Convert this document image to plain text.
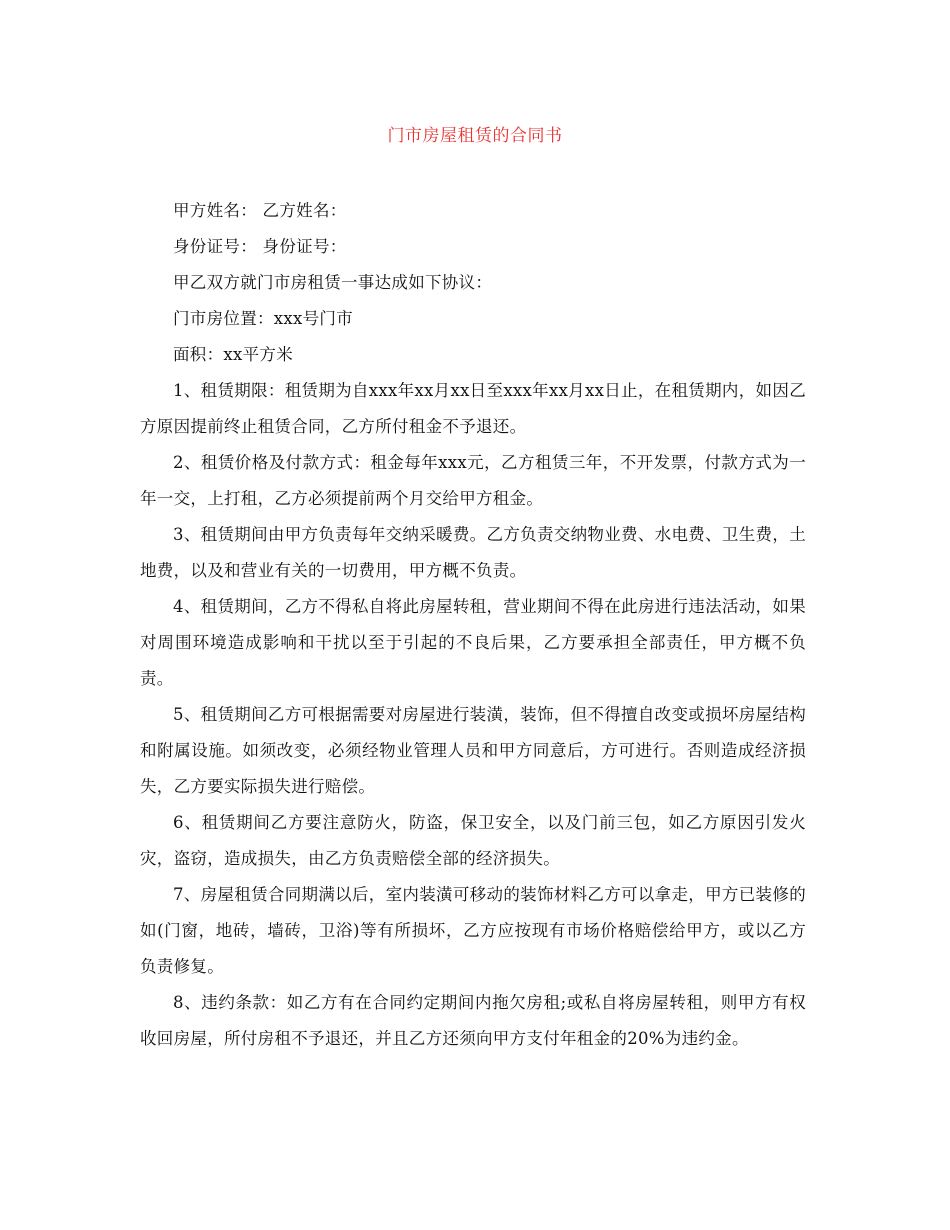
门市房屋租赁的合同书

甲方姓名： 乙方姓名：

身份证号： 身份证号：

甲乙双方就门市房租赁一事达成如下协议：

门市房位置：xxx号门市

面积：xx平方米

1、租赁期限：租赁期为自xxx年xx月xx日至xxx年xx月xx日止，在租赁期内，如因乙方原因提前终止租赁合同，乙方所付租金不予退还。

2、租赁价格及付款方式：租金每年xxx元，乙方租赁三年，不开发票，付款方式为一年一交，上打租，乙方必须提前两个月交给甲方租金。

3、租赁期间由甲方负责每年交纳采暖费。乙方负责交纳物业费、水电费、卫生费，土地费，以及和营业有关的一切费用，甲方概不负责。

4、租赁期间，乙方不得私自将此房屋转租，营业期间不得在此房进行违法活动，如果对周围环境造成影响和干扰以至于引起的不良后果，乙方要承担全部责任，甲方概不负责。

5、租赁期间乙方可根据需要对房屋进行装潢，装饰，但不得擅自改变或损坏房屋结构和附属设施。如须改变，必须经物业管理人员和甲方同意后，方可进行。否则造成经济损失，乙方要实际损失进行赔偿。

6、租赁期间乙方要注意防火，防盗，保卫安全，以及门前三包，如乙方原因引发火灾，盗窃，造成损失，由乙方负责赔偿全部的经济损失。

7、房屋租赁合同期满以后，室内装潢可移动的装饰材料乙方可以拿走，甲方已装修的如(门窗，地砖，墙砖，卫浴)等有所损坏，乙方应按现有市场价格赔偿给甲方，或以乙方负责修复。

8、违约条款：如乙方有在合同约定期间内拖欠房租;或私自将房屋转租，则甲方有权收回房屋，所付房租不予退还，并且乙方还须向甲方支付年租金的20%为违约金。
